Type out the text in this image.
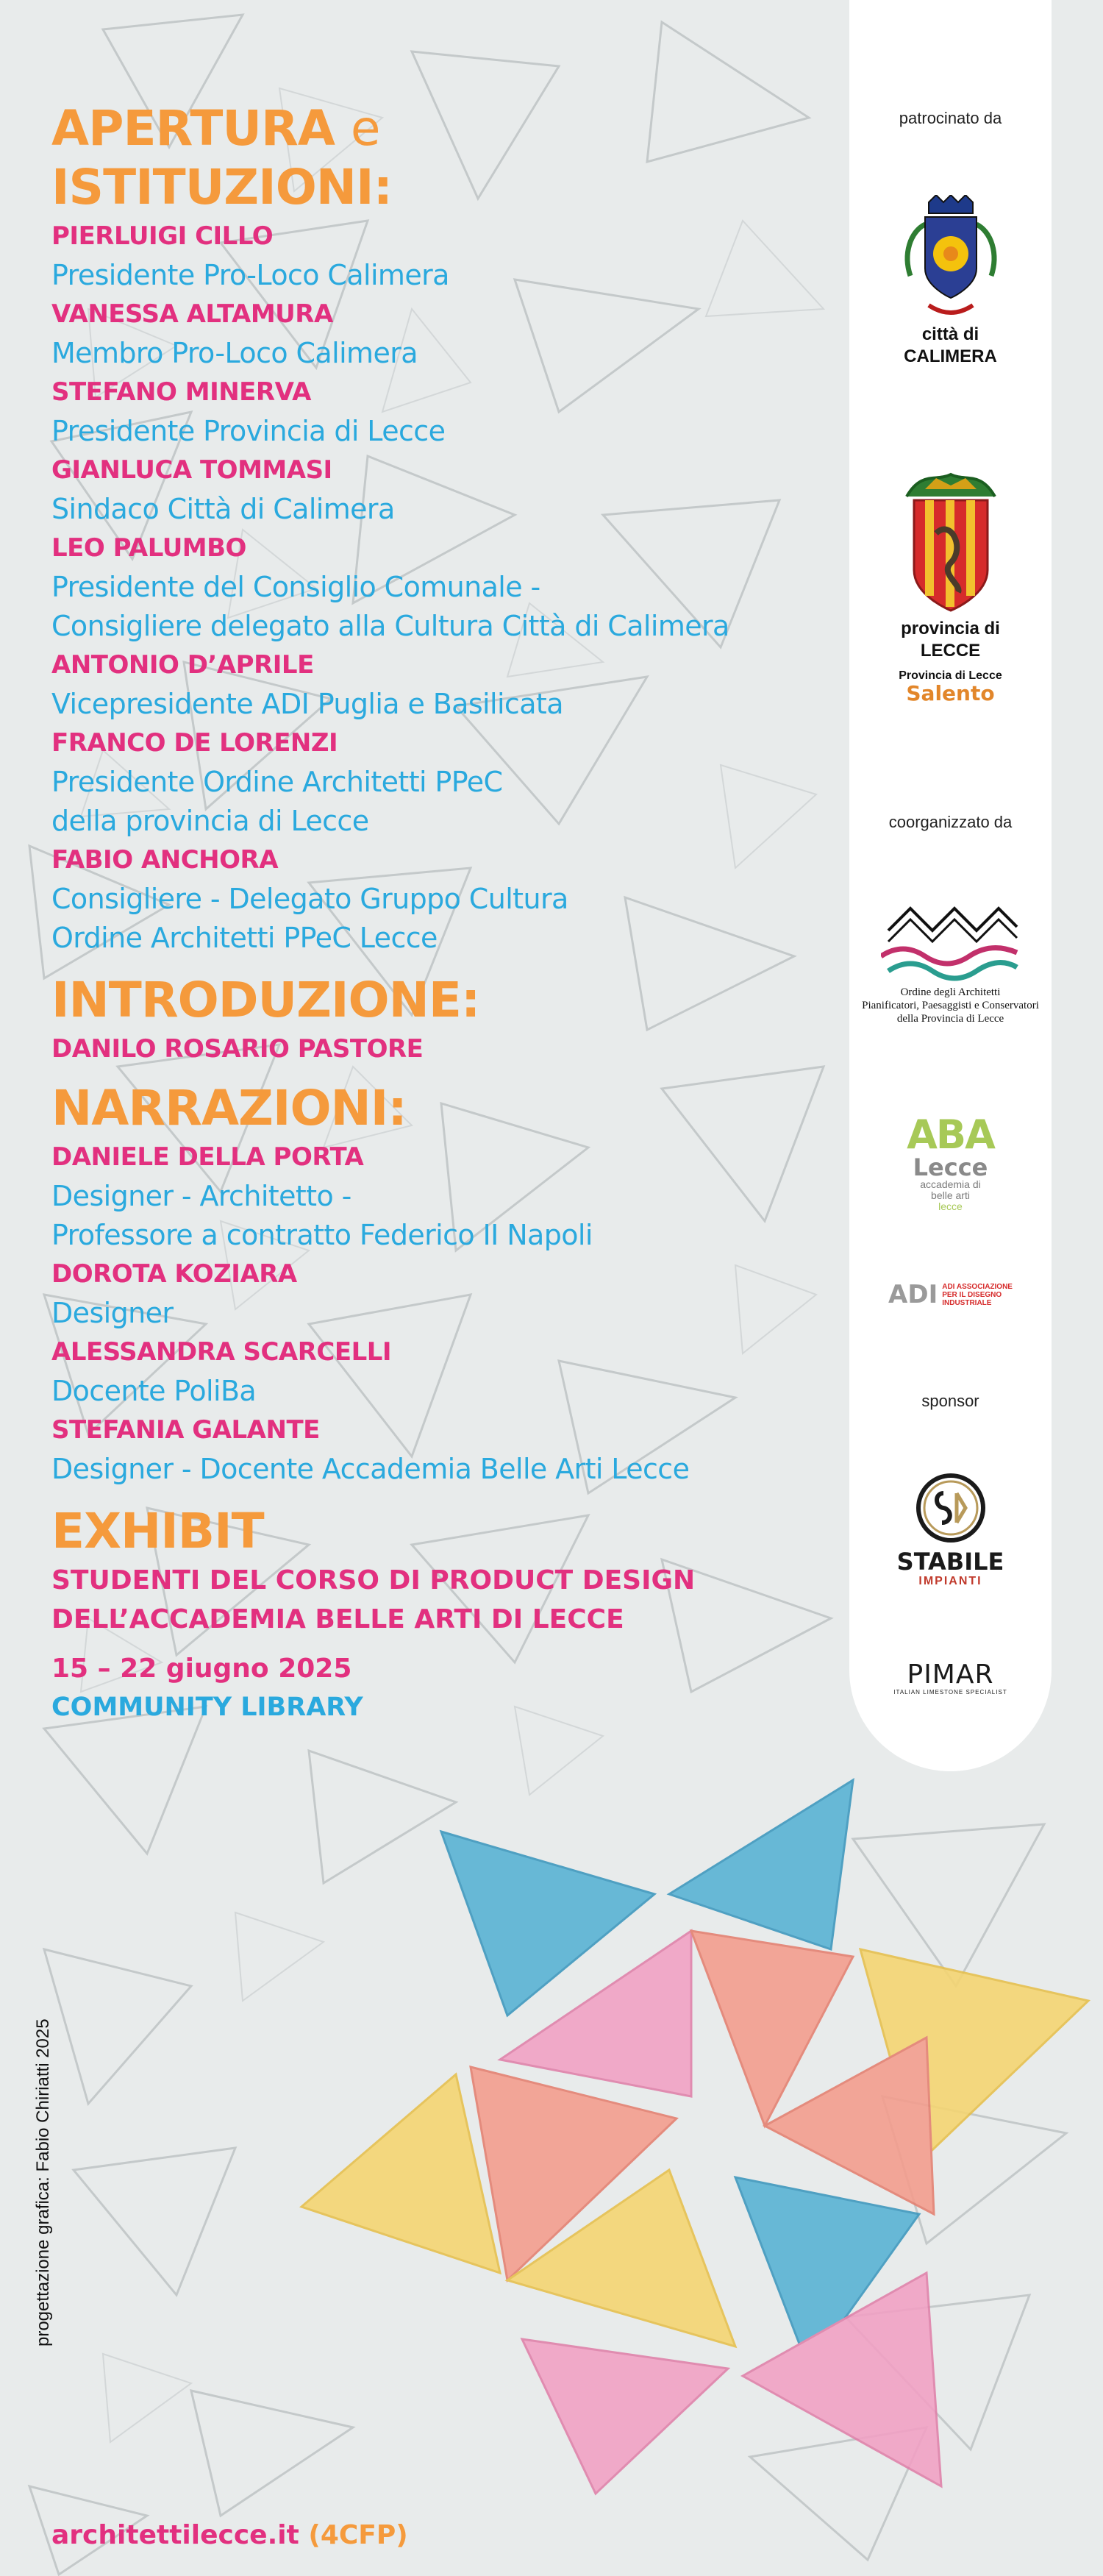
APERTURA e
ISTITUZIONI:
PIERLUIGI CILLO
Presidente Pro-Loco Calimera
VANESSA ALTAMURA
Membro Pro-Loco Calimera
STEFANO MINERVA
Presidente Provincia di Lecce
GIANLUCA TOMMASI
Sindaco Città di Calimera
LEO PALUMBO
Presidente del Consiglio Comunale -
Consigliere delegato alla Cultura Città di Calimera
ANTONIO D’APRILE
Vicepresidente ADI Puglia e Basilicata
FRANCO DE LORENZI
Presidente Ordine Architetti PPeC
della provincia di Lecce
FABIO ANCHORA
Consigliere - Delegato Gruppo Cultura
Ordine Architetti PPeC Lecce
INTRODUZIONE:
DANILO ROSARIO PASTORE
NARRAZIONI:
DANIELE DELLA PORTA
Designer - Architetto -
Professore a contratto Federico II Napoli
DOROTA KOZIARA
Designer
ALESSANDRA SCARCELLI
Docente PoliBa
STEFANIA GALANTE
Designer - Docente Accademia Belle Arti Lecce
EXHIBIT
STUDENTI DEL CORSO DI PRODUCT DESIGN
DELL’ACCADEMIA BELLE ARTI DI LECCE
15 – 22 giugno 2025
COMMUNITY LIBRARY
patrocinato da
città di
CALIMERA
provincia di
LECCE
Provincia di Lecce
Salento
coorganizzato da
Ordine degli Architetti
Pianificatori, Paesaggisti e Conservatori
della Provincia di Lecce
ABA
Lecce
accademia di
belle arti
lecce
ADI ADI ASSOCIAZIONE
PER IL DISEGNO
INDUSTRIALE
sponsor
STABILE
IMPIANTI
PIMAR
ITALIAN LIMESTONE SPECIALIST
progettazione grafica: Fabio Chiriatti 2025
architettilecce.it (4CFP)
